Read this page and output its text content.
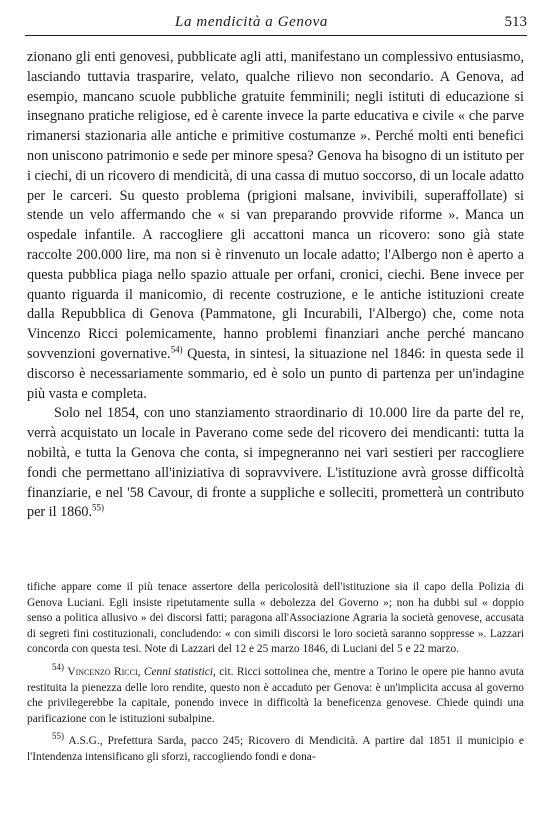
La mendicità a Genova	513

zionano gli enti genovesi, pubblicate agli atti, manifestano un complessivo entusiasmo, lasciando tuttavia trasparire, velato, qualche rilievo non secondario. A Genova, ad esempio, mancano scuole pubbliche gratuite femminili; negli istituti di educazione si insegnano pratiche religiose, ed è carente invece la parte educativa e civile « che parve rimanersi stazionaria alle antiche e primitive costumanze ». Perché molti enti benefici non uniscono patrimonio e sede per minore spesa? Genova ha bisogno di un istituto per i ciechi, di un ricovero di mendicità, di una cassa di mutuo soccorso, di un locale adatto per le carceri. Su questo problema (prigioni malsane, invivibili, superaffollate) si stende un velo affermando che « si van preparando provvide riforme ». Manca un ospedale infantile. A raccogliere gli accattoni manca un ricovero: sono già state raccolte 200.000 lire, ma non si è rinvenuto un locale adatto; l'Albergo non è aperto a questa pubblica piaga nello spazio attuale per orfani, cronici, ciechi. Bene invece per quanto riguarda il manicomio, di recente costruzione, e le antiche istituzioni create dalla Repubblica di Genova (Pammatone, gli Incurabili, l'Albergo) che, come nota Vincenzo Ricci polemicamente, hanno problemi finanziari anche perché mancano sovvenzioni governative.$^{54)}$ Questa, in sintesi, la situazione nel 1846: in questa sede il discorso è necessariamente sommario, ed è solo un punto di partenza per un'indagine più vasta e completa.

Solo nel 1854, con uno stanziamento straordinario di 10.000 lire da parte del re, verrà acquistato un locale in Paverano come sede del ricovero dei mendicanti: tutta la nobiltà, e tutta la Genova che conta, si impegneranno nei vari sestieri per raccogliere fondi che permettano all'iniziativa di sopravvivere. L'istituzione avrà grosse difficoltà finanziarie, e nel '58 Cavour, di fronte a suppliche e solleciti, prometterà un contributo per il 1860.$^{55)}$

tifiche appare come il più tenace assertore della pericolosità dell'istituzione sia il capo della Polizia di Genova Luciani. Egli insiste ripetutamente sulla « debolezza del Governo »; non ha dubbi sul « doppio senso a politica allusivo » dei discorsi fatti; paragona all'Associazione Agraria la società genovese, accusata di segreti fini costituzionali, concludendo: « con simili discorsi le loro società saranno soppresse ». Lazzari concorda con questa tesi. Note di Lazzari del 12 e 25 marzo 1846, di Luciani del 5 e 22 marzo.

$^{54)}$ Vincenzo Ricci, Cenni statistici, cit. Ricci sottolinea che, mentre a Torino le opere pie hanno avuta restituita la pienezza delle loro rendite, questo non è accaduto per Genova: è un'implicita accusa al governo che privilegerebbe la capitale, ponendo invece in difficoltà la beneficenza genovese. Chiede quindi una parificazione con le istituzioni subalpine.

$^{55)}$ A.S.G., Prefettura Sarda, pacco 245; Ricovero di Mendicità. A partire dal 1851 il municipio e l'Intendenza intensificano gli sforzi, raccogliendo fondi e dona-
